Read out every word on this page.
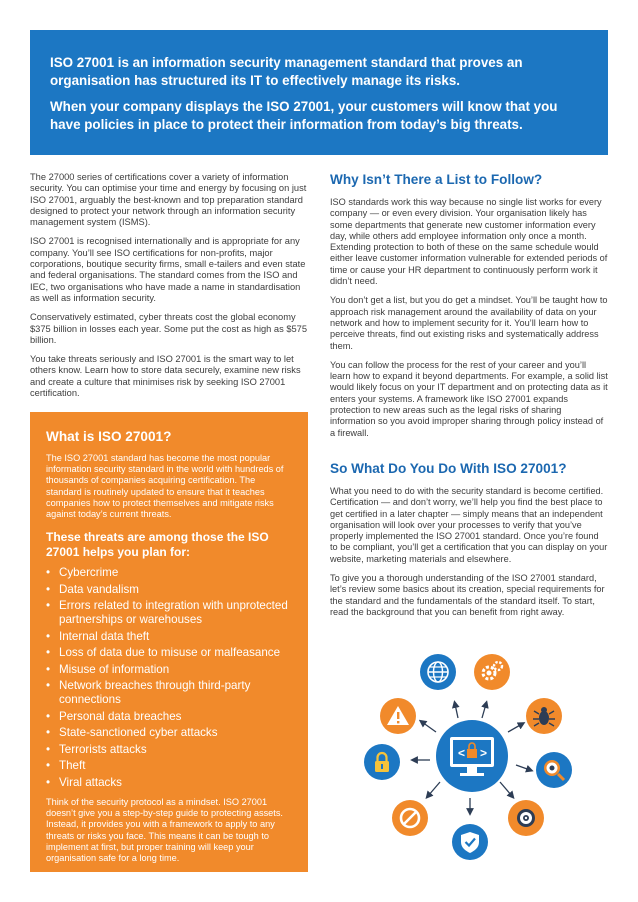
ISO 27001 is an information security management standard that proves an organisation has structured its IT to effectively manage its risks.

When your company displays the ISO 27001, your customers will know that you have policies in place to protect their information from today’s big threats.

The 27000 series of certifications cover a variety of information security. You can optimise your time and energy by focusing on just ISO 27001, arguably the best-known and top preparation standard designed to protect your network through an information security management system (ISMS).

ISO 27001 is recognised internationally and is appropriate for any company. You’ll see ISO certifications for non-profits, major corporations, boutique security firms, small e-tailers and even state and federal organisations. The standard comes from the ISO and IEC, two organisations who have made a name in standardisation as well as information security.

Conservatively estimated, cyber threats cost the global economy $375 billion in losses each year. Some put the cost as high as $575 billion.

You take threats seriously and ISO 27001 is the smart way to let others know. Learn how to store data securely, examine new risks and create a culture that minimises risk by seeking ISO 27001 certification.

What is ISO 27001?

The ISO 27001 standard has become the most popular information security standard in the world with hundreds of thousands of companies acquiring certification. The standard is routinely updated to ensure that it teaches companies how to protect themselves and mitigate risks against today’s current threats.

These threats are among those the ISO 27001 helps you plan for:
• Cybercrime
• Data vandalism
• Errors related to integration with unprotected partnerships or warehouses
• Internal data theft
• Loss of data due to misuse or malfeasance
• Misuse of information
• Network breaches through third-party connections
• Personal data breaches
• State-sanctioned cyber attacks
• Terrorists attacks
• Theft
• Viral attacks

Think of the security protocol as a mindset. ISO 27001 doesn’t give you a step-by-step guide to protecting assets. Instead, it provides you with a framework to apply to any threats or risks you face. This means it can be tough to implement at first, but proper training will keep your organisation safe for a long time.

Why Isn’t There a List to Follow?

ISO standards work this way because no single list works for every company — or even every division. Your organisation likely has some departments that generate new customer information every day, while others add employee information only once a month. Extending protection to both of these on the same schedule would either leave customer information vulnerable for extended periods of time or cause your HR department to continuously perform work it didn’t need.

You don’t get a list, but you do get a mindset. You’ll be taught how to approach risk management around the availability of data on your network and how to implement security for it. You’ll learn how to perceive threats, find out existing risks and systematically address them.

You can follow the process for the rest of your career and you’ll learn how to expand it beyond departments. For example, a solid list would likely focus on your IT department and on protecting data as it enters your systems. A framework like ISO 27001 expands protection to new areas such as the legal risks of sharing information so you avoid improper sharing through policy instead of a firewall.

So What Do You Do With ISO 27001?

What you need to do with the security standard is become certified. Certification — and don’t worry, we’ll help you find the best place to get certified in a later chapter — simply means that an independent organisation will look over your processes to verify that you’ve properly implemented the ISO 27001 standard. Once you’re found to be compliant, you’ll get a certification that you can display on your website, marketing materials and elsewhere.

To give you a thorough understanding of the ISO 27001 standard, let’s review some basics about its creation, special requirements for the standard and the fundamentals of the standard itself. To start, read the background that you can benefit from right away.

< >
